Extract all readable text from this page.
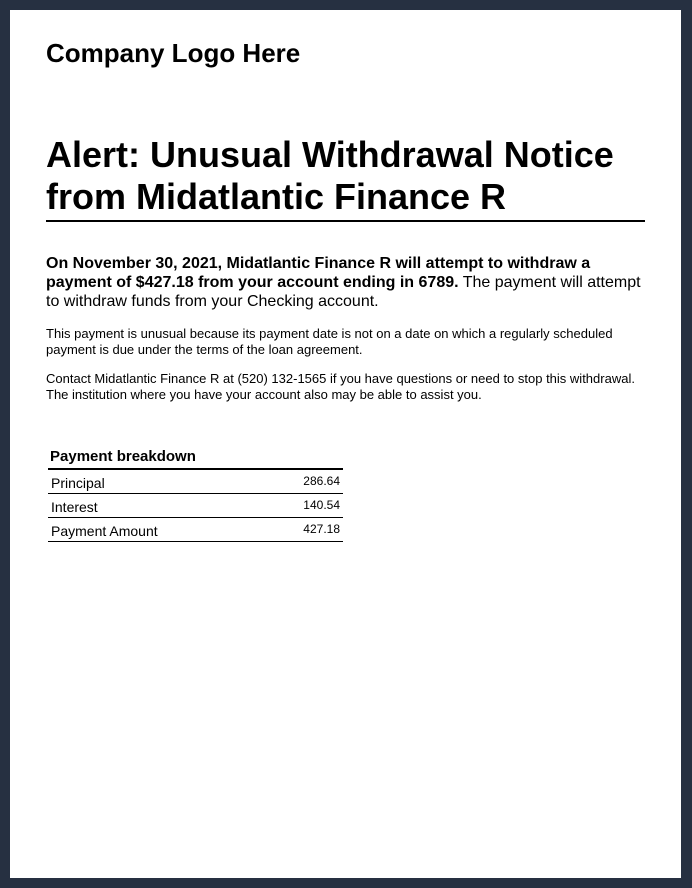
Company Logo Here
Alert: Unusual Withdrawal Notice from Midatlantic Finance R

On November 30, 2021, Midatlantic Finance R will attempt to withdraw a payment of $427.18 from your account ending in 6789. The payment will attempt to withdraw funds from your Checking account.

This payment is unusual because its payment date is not on a date on which a regularly scheduled payment is due under the terms of the loan agreement.

Contact Midatlantic Finance R at (520) 132-1565 if you have questions or need to stop this withdrawal. The institution where you have your account also may be able to assist you.

Payment breakdown
Principal	286.64
Interest	140.54
Payment Amount	427.18
